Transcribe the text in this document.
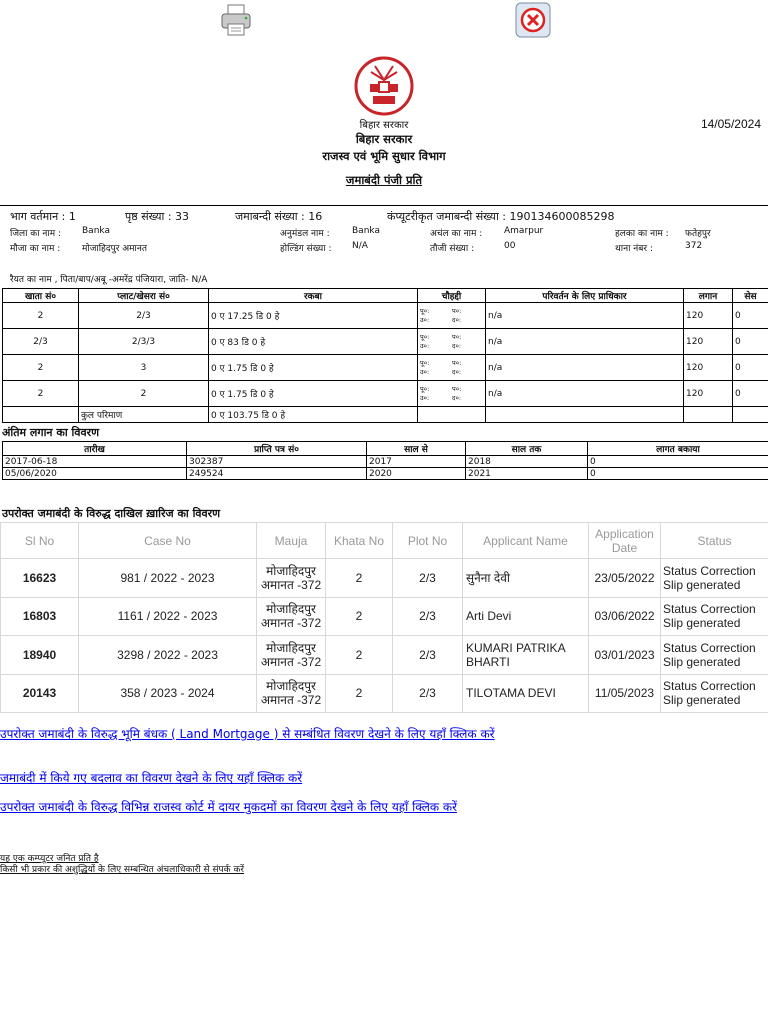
बिहार सरकार
बिहार सरकार
राजस्व एवं भूमि सुधार विभाग
14/05/2024
जमाबंदी पंजी प्रति
भाग वर्तमान : 1	पृष्ठ संख्या : 33	जमाबन्दी संख्या : 16	कंप्यूटरीकृत जमाबन्दी संख्या : 190134600085298
जिला का नाम : Banka	अनुमंडल नाम : Banka	अचंल का नाम : Amarpur	हलका का नाम : फतेहपुर
मौजा का नाम : मोजाहिदपुर अमानत	होल्डिंग संख्या : N/A	तौजी संख्या :	00	थाना नंबर :	372
रैयत का नाम , पिता/बाप/अबू -अमरेंद्र पंजियारा, जाति- N/A
खाता सं०	प्लाट/खेसरा सं०	रकबा	चौहद्दी	परिवर्तन के लिए प्राधिकार	लगान	सेस
2	2/3	0 ए 17.25 डि 0 हे	पू०: प०:
उ०: द०:	n/a	120	0
2/3	2/3/3	0 ए 83 डि 0 हे	पू०: प०:
उ०: द०:	n/a	120	0
2	3	0 ए 1.75 डि 0 हे	पू०: प०:
उ०: द०:	n/a	120	0
2	2	0 ए 1.75 डि 0 हे	पू०: प०:
उ०: द०:	n/a	120	0
	कुल परिमाण	0 ए 103.75 डि 0 हे				
अंतिम लगान का विवरण
तारीख	प्राप्ति पत्र सं०	साल से	साल तक	लागत बकाया
2017-06-18	302387	2017	2018	0
05/06/2020	249524	2020	2021	0
उपरोक्त जमाबंदी के विरुद्ध दाखिल ख़ारिज का विवरण
Sl No	Case No	Mauja	Khata No	Plot No	Applicant Name	Application Date	Status
16623	981 / 2022 - 2023	मोजाहिदपुर अमानत -372	2	2/3	सुनैना देवी	23/05/2022	Status Correction Slip generated
16803	1161 / 2022 - 2023	मोजाहिदपुर अमानत -372	2	2/3	Arti Devi	03/06/2022	Status Correction Slip generated
18940	3298 / 2022 - 2023	मोजाहिदपुर अमानत -372	2	2/3	KUMARI PATRIKA BHARTI	03/01/2023	Status Correction Slip generated
20143	358 / 2023 - 2024	मोजाहिदपुर अमानत -372	2	2/3	TILOTAMA DEVI	11/05/2023	Status Correction Slip generated
उपरोक्त जमाबंदी के विरुद्ध भूमि बंधक ( Land Mortgage ) से सम्बंधित विवरण देखने के लिए यहाँ क्लिक करें
जमाबंदी में किये गए बदलाव का विवरण देखने के लिए यहाँ क्लिक करें
उपरोक्त जमाबंदी के विरुद्ध विभिन्न राजस्व कोर्ट में दायर मुकदमों का विवरण देखने के लिए यहाँ क्लिक करें
यह एक कम्प्यूटर जनित प्रति है
किसी भी प्रकार की अशुद्धियों के लिए सम्बन्धित अंचलाधिकारी से संपर्क करें
